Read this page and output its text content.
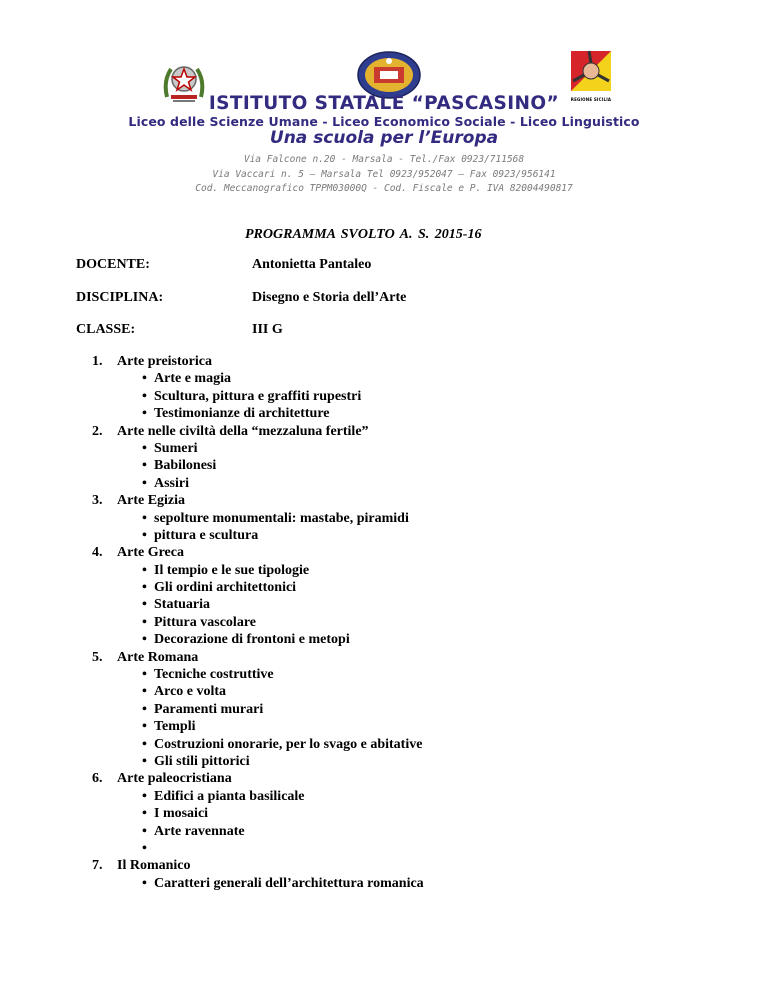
REGIONE SICILIA
ISTITUTO STATALE “PASCASINO”
Liceo delle Scienze Umane - Liceo Economico Sociale - Liceo Linguistico
Una scuola per l’Europa
Via Falcone n.20 - Marsala - Tel./Fax 0923/711568
Via Vaccari n. 5 – Marsala Tel 0923/952047 – Fax 0923/956141
Cod. Meccanografico TPPM03000Q - Cod. Fiscale e P. IVA 82004490817
PROGRAMMA SVOLTO A. S. 2015-16
DOCENTE:	Antonietta Pantaleo
DISCIPLINA:	Disegno e Storia dell’Arte
CLASSE:	III G
1.	Arte preistorica
• Arte e magia
• Scultura, pittura e graffiti rupestri
• Testimonianze di architetture
2.	Arte nelle civiltà della “mezzaluna fertile”
• Sumeri
• Babilonesi
• Assiri
3.	Arte Egizia
• sepolture monumentali: mastabe, piramidi
• pittura e scultura
4.	Arte Greca
• Il tempio e le sue tipologie
• Gli ordini architettonici
• Statuaria
• Pittura vascolare
• Decorazione di frontoni e metopi
5.	Arte Romana
• Tecniche costruttive
• Arco e volta
• Paramenti murari
• Templi
• Costruzioni onorarie, per lo svago e abitative
• Gli stili pittorici
6.	Arte paleocristiana
• Edifici a pianta basilicale
• I mosaici
• Arte ravennate
•
7.	Il Romanico
• Caratteri generali dell’architettura romanica
